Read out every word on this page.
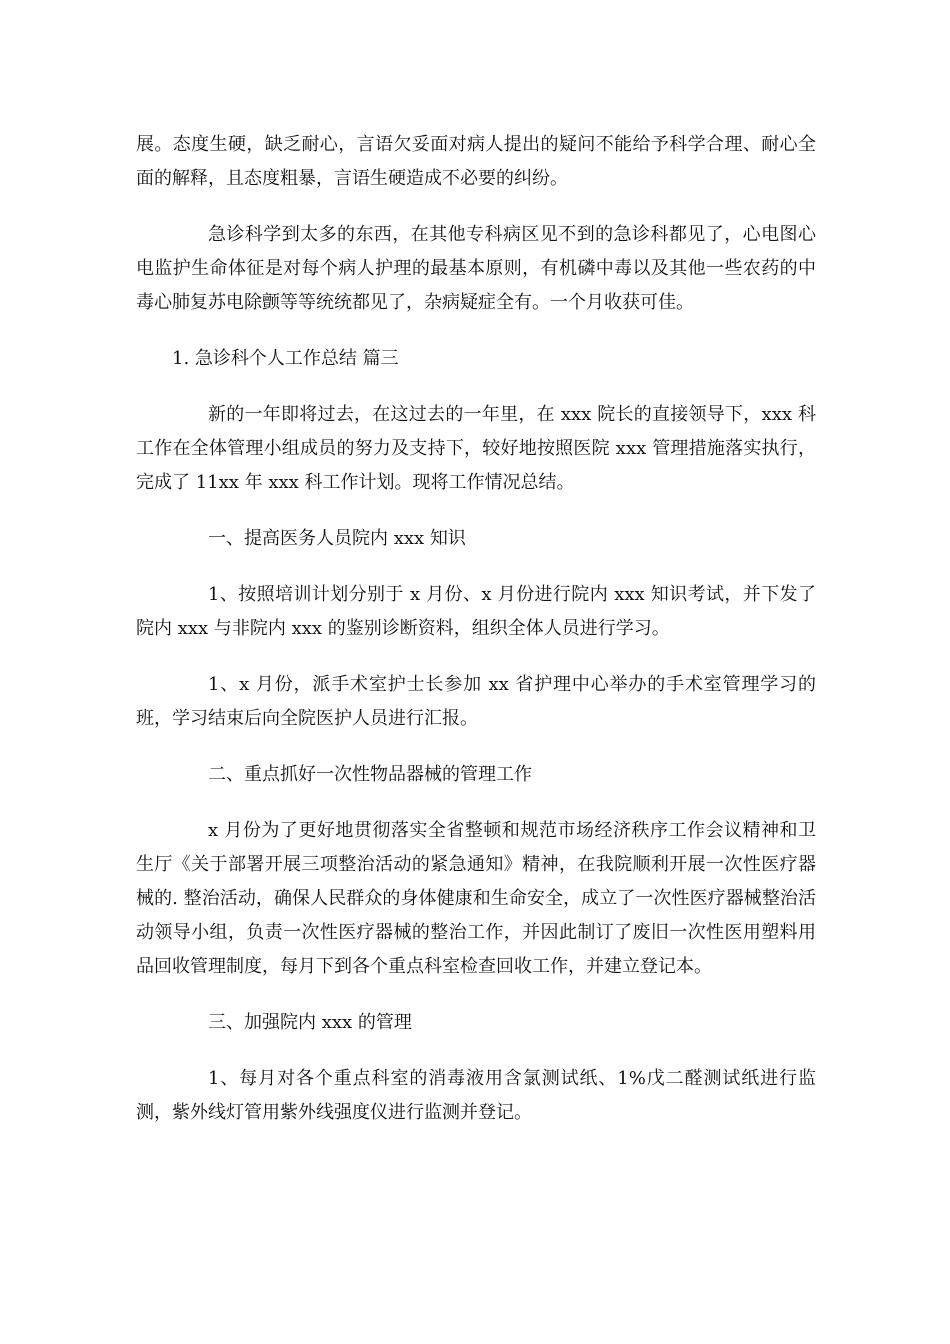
展。态度生硬，缺乏耐心，言语欠妥面对病人提出的疑问不能给予科学合理、耐心全面的解释，且态度粗暴，言语生硬造成不必要的纠纷。

急诊科学到太多的东西，在其他专科病区见不到的急诊科都见了，心电图心电监护生命体征是对每个病人护理的最基本原则，有机磷中毒以及其他一些农药的中毒心肺复苏电除颤等等统统都见了，杂病疑症全有。一个月收获可佳。

1. 急诊科个人工作总结 篇三

新的一年即将过去，在这过去的一年里，在 xxx 院长的直接领导下，xxx 科工作在全体管理小组成员的努力及支持下，较好地按照医院 xxx 管理措施落实执行，完成了 11xx 年 xxx 科工作计划。现将工作情况总结。

一、提高医务人员院内 xxx 知识

1、按照培训计划分别于 x 月份、x 月份进行院内 xxx 知识考试，并下发了院内 xxx 与非院内 xxx 的鉴别诊断资料，组织全体人员进行学习。

1、x 月份，派手术室护士长参加 xx 省护理中心举办的手术室管理学习的班，学习结束后向全院医护人员进行汇报。

二、重点抓好一次性物品器械的管理工作

x 月份为了更好地贯彻落实全省整顿和规范市场经济秩序工作会议精神和卫生厅《关于部署开展三项整治活动的紧急通知》精神，在我院顺利开展一次性医疗器械的. 整治活动，确保人民群众的身体健康和生命安全，成立了一次性医疗器械整治活动领导小组，负责一次性医疗器械的整治工作，并因此制订了废旧一次性医用塑料用品回收管理制度，每月下到各个重点科室检查回收工作，并建立登记本。

三、加强院内 xxx 的管理

1、每月对各个重点科室的消毒液用含氯测试纸、1%戊二醛测试纸进行监测，紫外线灯管用紫外线强度仪进行监测并登记。
